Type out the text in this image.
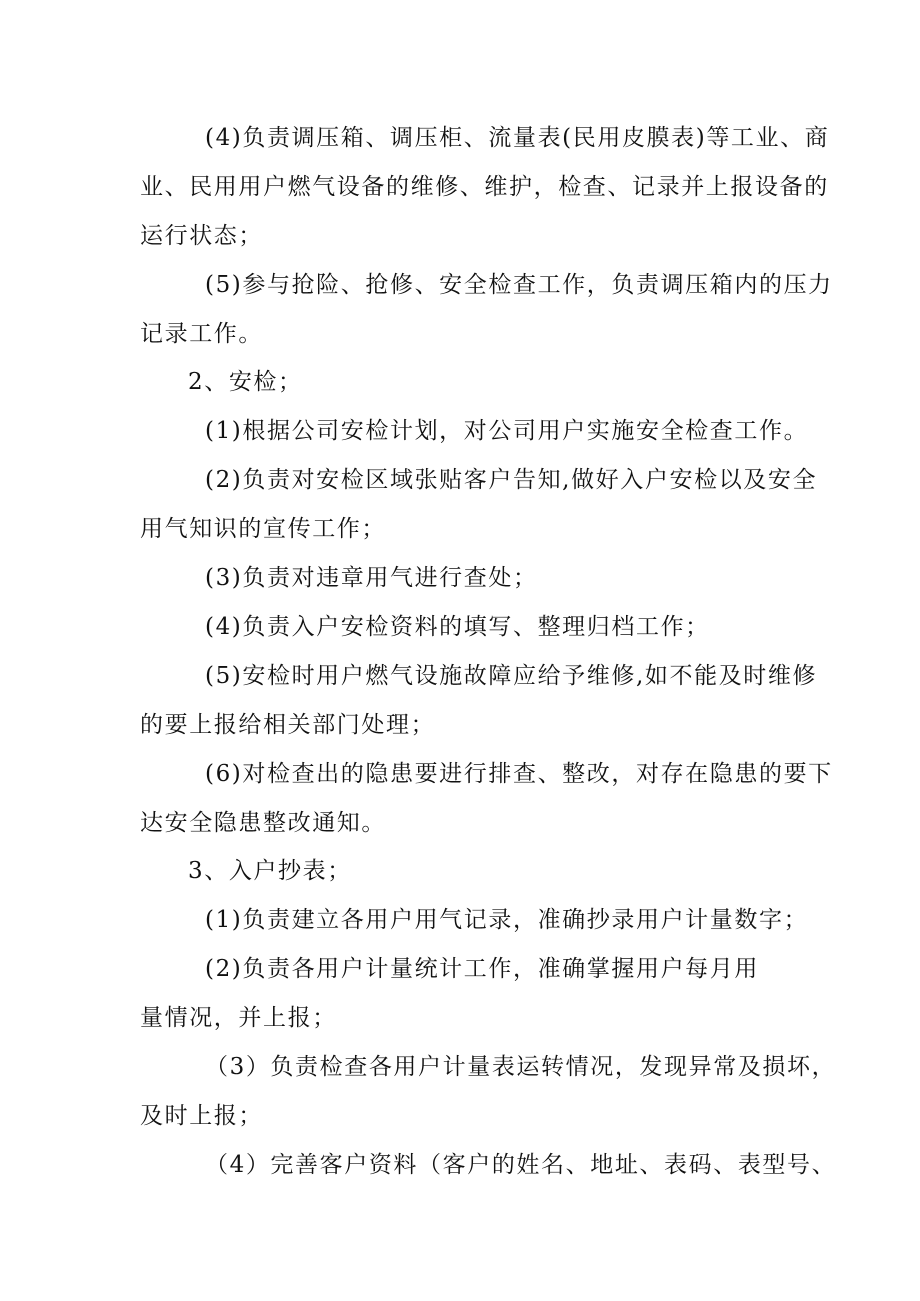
(4)负责调压箱、调压柜、流量表(民用皮膜表)等工业、商
业、民用用户燃气设备的维修、维护，检查、记录并上报设备的
运行状态；
(5)参与抢险、抢修、安全检查工作，负责调压箱内的压力
记录工作。
2、安检；
(1)根据公司安检计划，对公司用户实施安全检查工作。
(2)负责对安检区域张贴客户告知,做好入户安检以及安全
用气知识的宣传工作；
(3)负责对违章用气进行查处；
(4)负责入户安检资料的填写、整理归档工作；
(5)安检时用户燃气设施故障应给予维修,如不能及时维修
的要上报给相关部门处理；
(6)对检查出的隐患要进行排查、整改，对存在隐患的要下
达安全隐患整改通知。
3、入户抄表；
(1)负责建立各用户用气记录，准确抄录用户计量数字；
(2)负责各用户计量统计工作，准确掌握用户每月用
量情况，并上报；
（3）负责检查各用户计量表运转情况，发现异常及损坏，
及时上报；
（4）完善客户资料（客户的姓名、地址、表码、表型号、
